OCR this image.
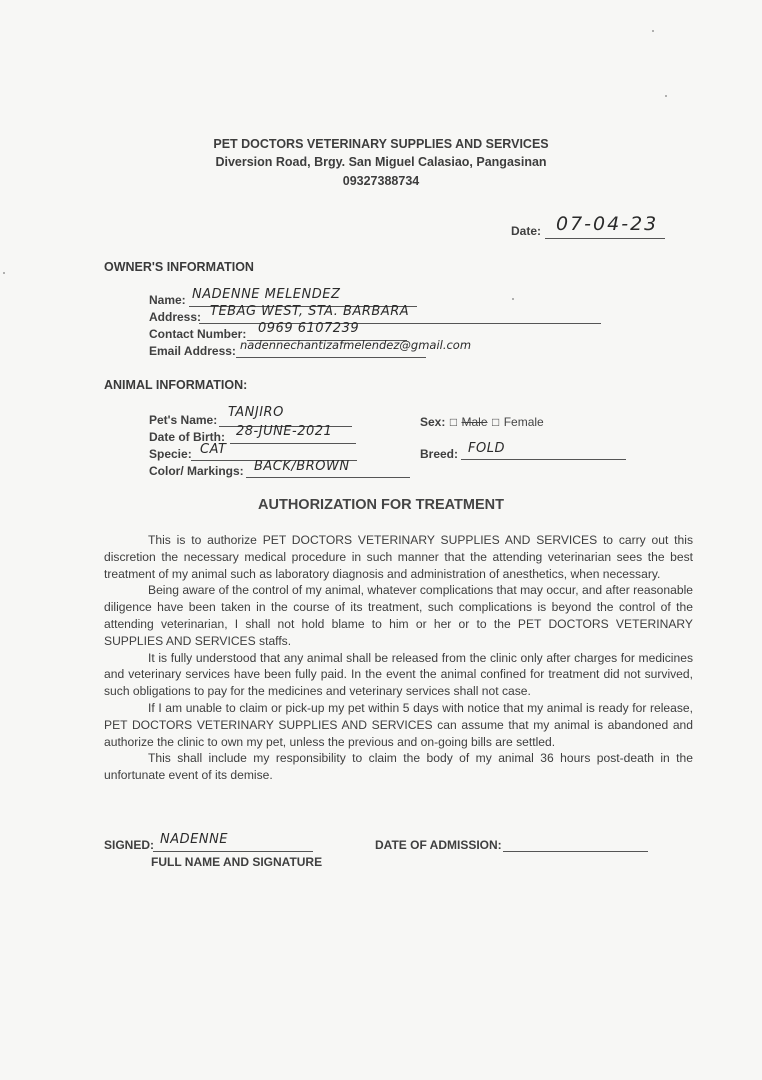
PET DOCTORS VETERINARY SUPPLIES AND SERVICES
Diversion Road, Brgy. San Miguel Calasiao, Pangasinan
09327388734
Date: 07-04-23
OWNER'S INFORMATION
Name: NADENNE MELENDEZ
Address: TEBAG WEST, STA. BARBARA
Contact Number: 0969 6107239
Email Address: nadennechantizafmelendez@gmail.com
ANIMAL INFORMATION:
Pet's Name: TANJIRO
Date of Birth: 28-JUNE-2021
Specie: CAT
Color/ Markings: BACK/BROWN
Sex: □ Male □ Female
Breed: FOLD
AUTHORIZATION FOR TREATMENT

This is to authorize PET DOCTORS VETERINARY SUPPLIES AND SERVICES to carry out this discretion the necessary medical procedure in such manner that the attending veterinarian sees the best treatment of my animal such as laboratory diagnosis and administration of anesthetics, when necessary.

Being aware of the control of my animal, whatever complications that may occur, and after reasonable diligence have been taken in the course of its treatment, such complications is beyond the control of the attending veterinarian, I shall not hold blame to him or her or to the PET DOCTORS VETERINARY SUPPLIES AND SERVICES staffs.

It is fully understood that any animal shall be released from the clinic only after charges for medicines and veterinary services have been fully paid. In the event the animal confined for treatment did not survived, such obligations to pay for the medicines and veterinary services shall not case.

If I am unable to claim or pick-up my pet within 5 days with notice that my animal is ready for release, PET DOCTORS VETERINARY SUPPLIES AND SERVICES can assume that my animal is abandoned and authorize the clinic to own my pet, unless the previous and on-going bills are settled.

This shall include my responsibility to claim the body of my animal 36 hours post-death in the unfortunate event of its demise.

SIGNED: NADENNE
FULL NAME AND SIGNATURE
DATE OF ADMISSION:
